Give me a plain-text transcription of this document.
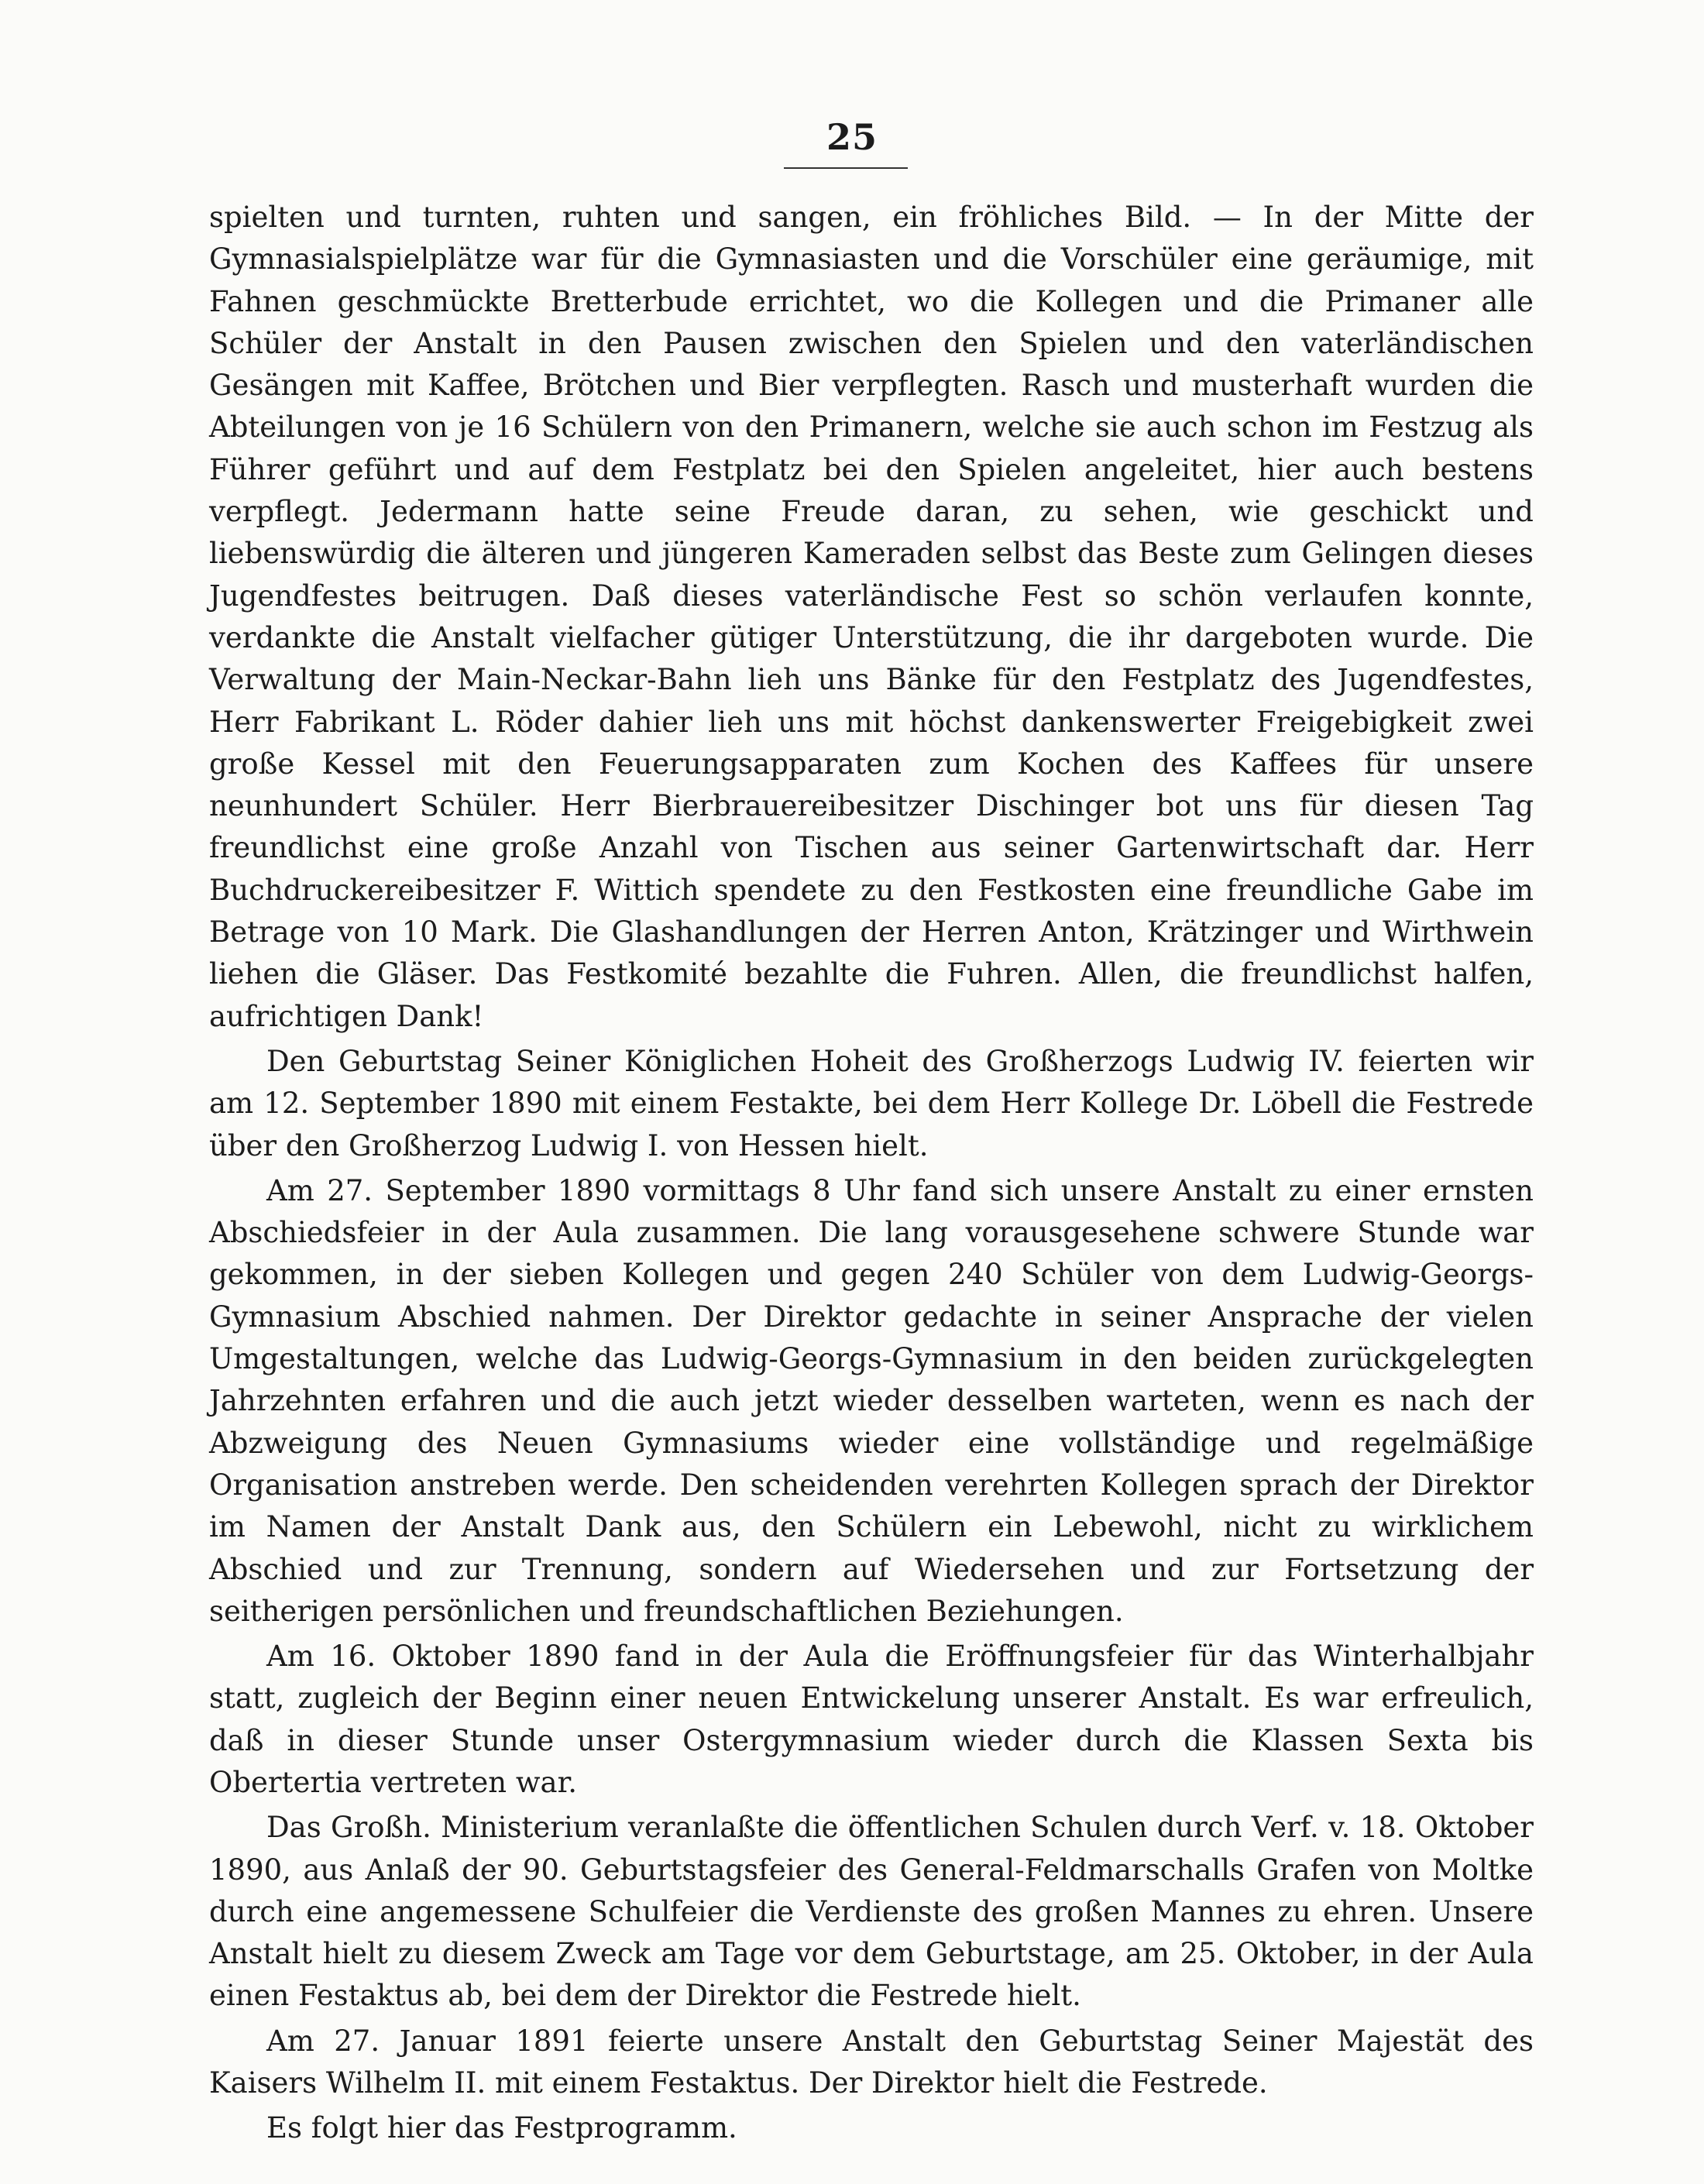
25

spielten und turnten, ruhten und sangen, ein fröhliches Bild. — In der Mitte der Gymnasialspielplätze war für die Gymnasiasten und die Vorschüler eine geräumige, mit Fahnen geschmückte Bretterbude errichtet, wo die Kollegen und die Primaner alle Schüler der Anstalt in den Pausen zwischen den Spielen und den vaterländischen Gesängen mit Kaffee, Brötchen und Bier verpflegten. Rasch und musterhaft wurden die Abteilungen von je 16 Schülern von den Primanern, welche sie auch schon im Festzug als Führer geführt und auf dem Festplatz bei den Spielen angeleitet, hier auch bestens verpflegt. Jedermann hatte seine Freude daran, zu sehen, wie geschickt und liebenswürdig die älteren und jüngeren Kameraden selbst das Beste zum Gelingen dieses Jugendfestes beitrugen. Daß dieses vaterländische Fest so schön verlaufen konnte, verdankte die Anstalt vielfacher gütiger Unterstützung, die ihr dargeboten wurde. Die Verwaltung der Main-Neckar-Bahn lieh uns Bänke für den Festplatz des Jugendfestes, Herr Fabrikant L. Röder dahier lieh uns mit höchst dankenswerter Freigebigkeit zwei große Kessel mit den Feuerungsapparaten zum Kochen des Kaffees für unsere neunhundert Schüler. Herr Bierbrauereibesitzer Dischinger bot uns für diesen Tag freundlichst eine große Anzahl von Tischen aus seiner Gartenwirtschaft dar. Herr Buchdruckereibesitzer F. Wittich spendete zu den Festkosten eine freundliche Gabe im Betrage von 10 Mark. Die Glashandlungen der Herren Anton, Krätzinger und Wirthwein liehen die Gläser. Das Festkomité bezahlte die Fuhren. Allen, die freundlichst halfen, aufrichtigen Dank!

Den Geburtstag Seiner Königlichen Hoheit des Großherzogs Ludwig IV. feierten wir am 12. September 1890 mit einem Festakte, bei dem Herr Kollege Dr. Löbell die Festrede über den Großherzog Ludwig I. von Hessen hielt.

Am 27. September 1890 vormittags 8 Uhr fand sich unsere Anstalt zu einer ernsten Abschiedsfeier in der Aula zusammen. Die lang vorausgesehene schwere Stunde war gekommen, in der sieben Kollegen und gegen 240 Schüler von dem Ludwig-Georgs-Gymnasium Abschied nahmen. Der Direktor gedachte in seiner Ansprache der vielen Umgestaltungen, welche das Ludwig-Georgs-Gymnasium in den beiden zurückgelegten Jahrzehnten erfahren und die auch jetzt wieder desselben warteten, wenn es nach der Abzweigung des Neuen Gymnasiums wieder eine vollständige und regelmäßige Organisation anstreben werde. Den scheidenden verehrten Kollegen sprach der Direktor im Namen der Anstalt Dank aus, den Schülern ein Lebewohl, nicht zu wirklichem Abschied und zur Trennung, sondern auf Wiedersehen und zur Fortsetzung der seitherigen persönlichen und freundschaftlichen Beziehungen.

Am 16. Oktober 1890 fand in der Aula die Eröffnungsfeier für das Winterhalbjahr statt, zugleich der Beginn einer neuen Entwickelung unserer Anstalt. Es war erfreulich, daß in dieser Stunde unser Ostergymnasium wieder durch die Klassen Sexta bis Obertertia vertreten war.

Das Großh. Ministerium veranlaßte die öffentlichen Schulen durch Verf. v. 18. Oktober 1890, aus Anlaß der 90. Geburtstagsfeier des General-Feldmarschalls Grafen von Moltke durch eine angemessene Schulfeier die Verdienste des großen Mannes zu ehren. Unsere Anstalt hielt zu diesem Zweck am Tage vor dem Geburtstage, am 25. Oktober, in der Aula einen Festaktus ab, bei dem der Direktor die Festrede hielt.

Am 27. Januar 1891 feierte unsere Anstalt den Geburtstag Seiner Majestät des Kaisers Wilhelm II. mit einem Festaktus. Der Direktor hielt die Festrede.

Es folgt hier das Festprogramm.
